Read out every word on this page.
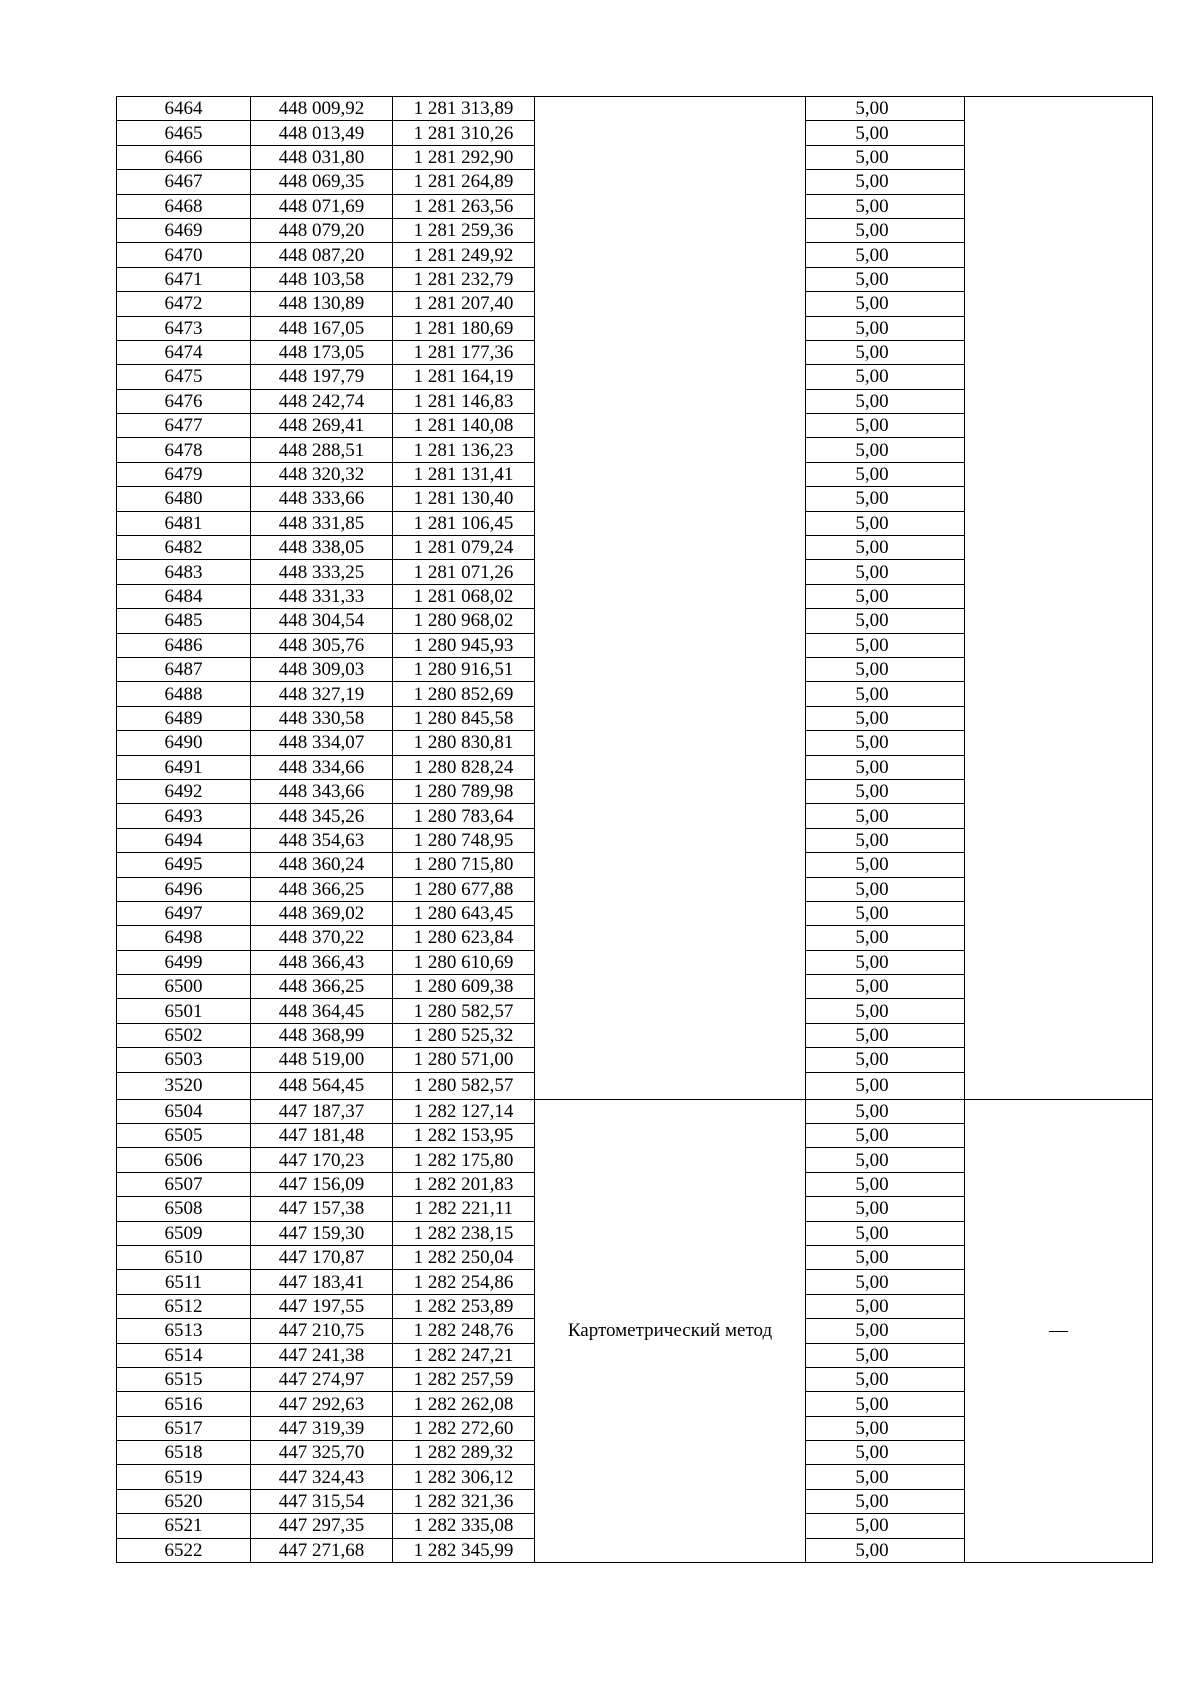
6464	448 009,92	1 281 313,89		5,00	
6465	448 013,49	1 281 310,26		5,00	
6466	448 031,80	1 281 292,90		5,00	
6467	448 069,35	1 281 264,89		5,00	
6468	448 071,69	1 281 263,56		5,00	
6469	448 079,20	1 281 259,36		5,00	
6470	448 087,20	1 281 249,92		5,00	
6471	448 103,58	1 281 232,79		5,00	
6472	448 130,89	1 281 207,40		5,00	
6473	448 167,05	1 281 180,69		5,00	
6474	448 173,05	1 281 177,36		5,00	
6475	448 197,79	1 281 164,19		5,00	
6476	448 242,74	1 281 146,83		5,00	
6477	448 269,41	1 281 140,08		5,00	
6478	448 288,51	1 281 136,23		5,00	
6479	448 320,32	1 281 131,41		5,00	
6480	448 333,66	1 281 130,40		5,00	
6481	448 331,85	1 281 106,45		5,00	
6482	448 338,05	1 281 079,24		5,00	
6483	448 333,25	1 281 071,26		5,00	
6484	448 331,33	1 281 068,02		5,00	
6485	448 304,54	1 280 968,02		5,00	
6486	448 305,76	1 280 945,93		5,00	
6487	448 309,03	1 280 916,51		5,00	
6488	448 327,19	1 280 852,69		5,00	
6489	448 330,58	1 280 845,58		5,00	
6490	448 334,07	1 280 830,81		5,00	
6491	448 334,66	1 280 828,24		5,00	
6492	448 343,66	1 280 789,98		5,00	
6493	448 345,26	1 280 783,64		5,00	
6494	448 354,63	1 280 748,95		5,00	
6495	448 360,24	1 280 715,80		5,00	
6496	448 366,25	1 280 677,88		5,00	
6497	448 369,02	1 280 643,45		5,00	
6498	448 370,22	1 280 623,84		5,00	
6499	448 366,43	1 280 610,69		5,00	
6500	448 366,25	1 280 609,38		5,00	
6501	448 364,45	1 280 582,57		5,00	
6502	448 368,99	1 280 525,32		5,00	
6503	448 519,00	1 280 571,00		5,00	
3520	448 564,45	1 280 582,57		5,00	
6504	447 187,37	1 282 127,14	Картометрический метод	5,00	—
6505	447 181,48	1 282 153,95		5,00	
6506	447 170,23	1 282 175,80		5,00	
6507	447 156,09	1 282 201,83		5,00	
6508	447 157,38	1 282 221,11		5,00	
6509	447 159,30	1 282 238,15		5,00	
6510	447 170,87	1 282 250,04		5,00	
6511	447 183,41	1 282 254,86		5,00	
6512	447 197,55	1 282 253,89		5,00	
6513	447 210,75	1 282 248,76		5,00	
6514	447 241,38	1 282 247,21		5,00	
6515	447 274,97	1 282 257,59		5,00	
6516	447 292,63	1 282 262,08		5,00	
6517	447 319,39	1 282 272,60		5,00	
6518	447 325,70	1 282 289,32		5,00	
6519	447 324,43	1 282 306,12		5,00	
6520	447 315,54	1 282 321,36		5,00	
6521	447 297,35	1 282 335,08		5,00	
6522	447 271,68	1 282 345,99		5,00	
